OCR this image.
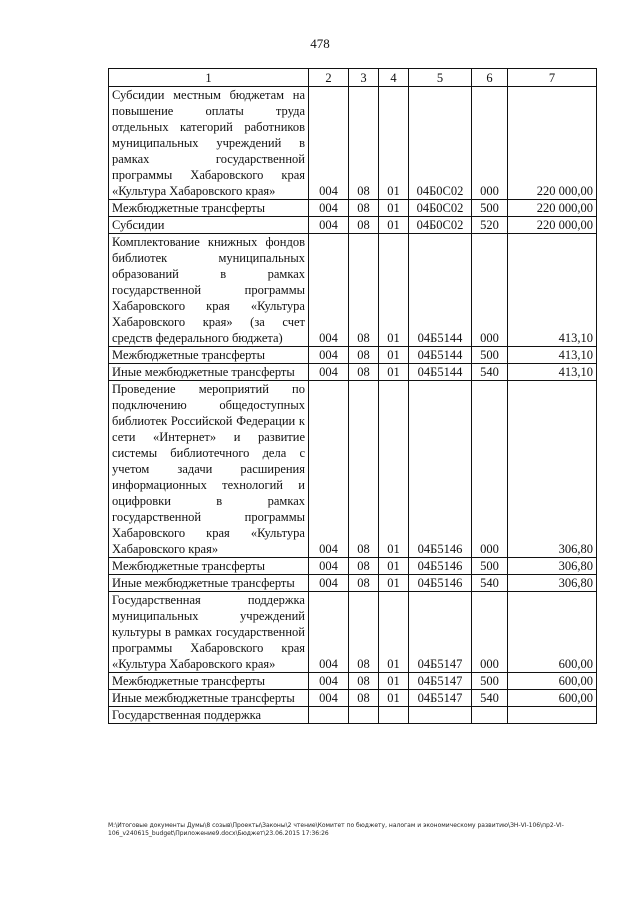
478
1	2	3	4	5	6	7
Субсидии местным бюджетам на повышение оплаты труда отдельных категорий работников муниципальных учреждений в рамках государственной программы Хабаровского края «Культура Хабаровского края»	004	08	01	04Б0С02	000	220 000,00
Межбюджетные трансферты	004	08	01	04Б0С02	500	220 000,00
Субсидии	004	08	01	04Б0С02	520	220 000,00
Комплектование книжных фондов библиотек муниципальных образований в рамках государственной программы Хабаровского края «Культура Хабаровского края» (за счет средств федерального бюджета)	004	08	01	04Б5144	000	413,10
Межбюджетные трансферты	004	08	01	04Б5144	500	413,10
Иные межбюджетные трансферты	004	08	01	04Б5144	540	413,10
Проведение мероприятий по подключению общедоступных библиотек Российской Федерации к сети «Интернет» и развитие системы библиотечного дела с учетом задачи расширения информационных технологий и оцифровки в рамках государственной программы Хабаровского края «Культура Хабаровского края»	004	08	01	04Б5146	000	306,80
Межбюджетные трансферты	004	08	01	04Б5146	500	306,80
Иные межбюджетные трансферты	004	08	01	04Б5146	540	306,80
Государственная поддержка муниципальных учреждений культуры в рамках государственной программы Хабаровского края «Культура Хабаровского края»	004	08	01	04Б5147	000	600,00
Межбюджетные трансферты	004	08	01	04Б5147	500	600,00
Иные межбюджетные трансферты	004	08	01	04Б5147	540	600,00
Государственная поддержка						
М:\Итоговые документы Думы\8 созыв\Проекты\Законы\2 чтение\Комитет по бюджету, налогам и экономическому развитию\ЗН-VI-106\пр2-VI-106_v240615_budget\Приложение9.docx\Бюджет\23.06.2015 17:36:26
